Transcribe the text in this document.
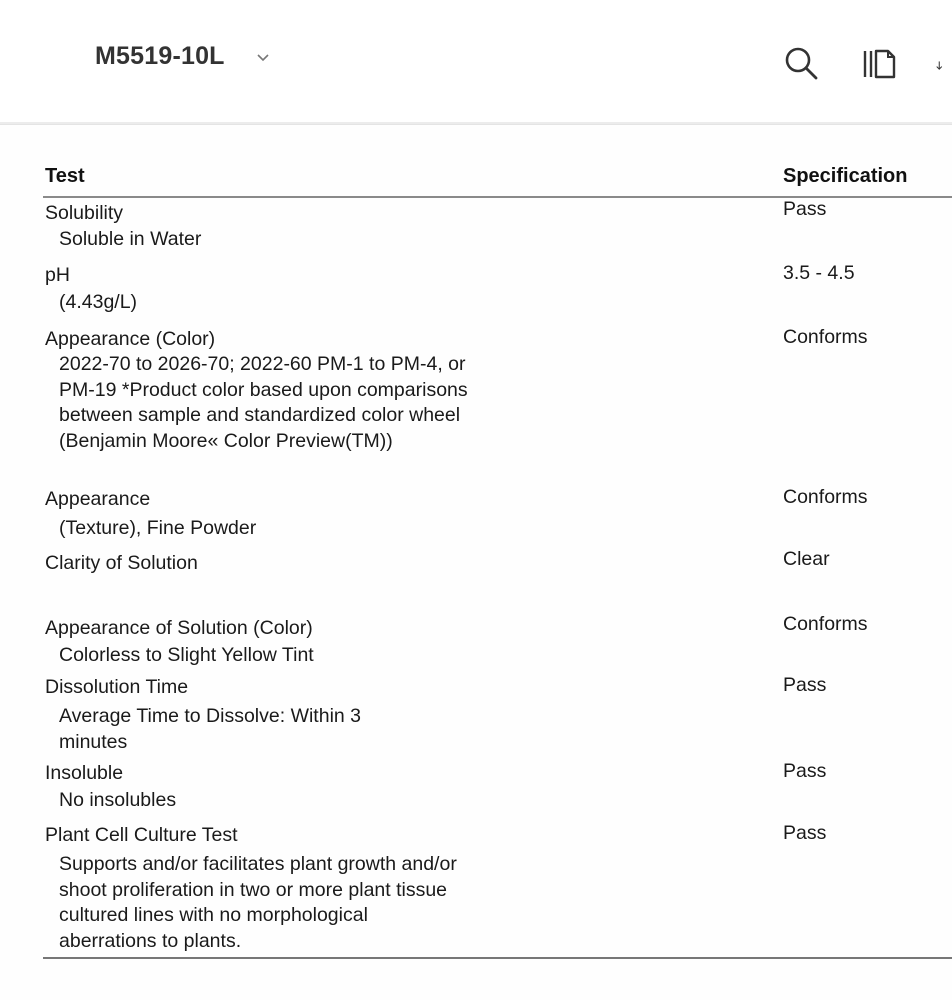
M5519-10L
Test	Specification
Solubility
Soluble in Water
Pass
pH
(4.43g/L)
3.5 - 4.5
Appearance (Color)
2022-70 to 2026-70; 2022-60 PM-1 to PM-4, or PM-19 *Product color based upon comparisons between sample and standardized color wheel (Benjamin Moore« Color Preview(TM))
Conforms
Appearance
(Texture), Fine Powder
Conforms
Clarity of Solution	Clear
Appearance of Solution (Color)
Colorless to Slight Yellow Tint
Conforms
Dissolution Time
Average Time to Dissolve: Within 3 minutes
Pass
Insoluble
No insolubles
Pass
Plant Cell Culture Test
Supports and/or facilitates plant growth and/or shoot proliferation in two or more plant tissue cultured lines with no morphological aberrations to plants.
Pass
